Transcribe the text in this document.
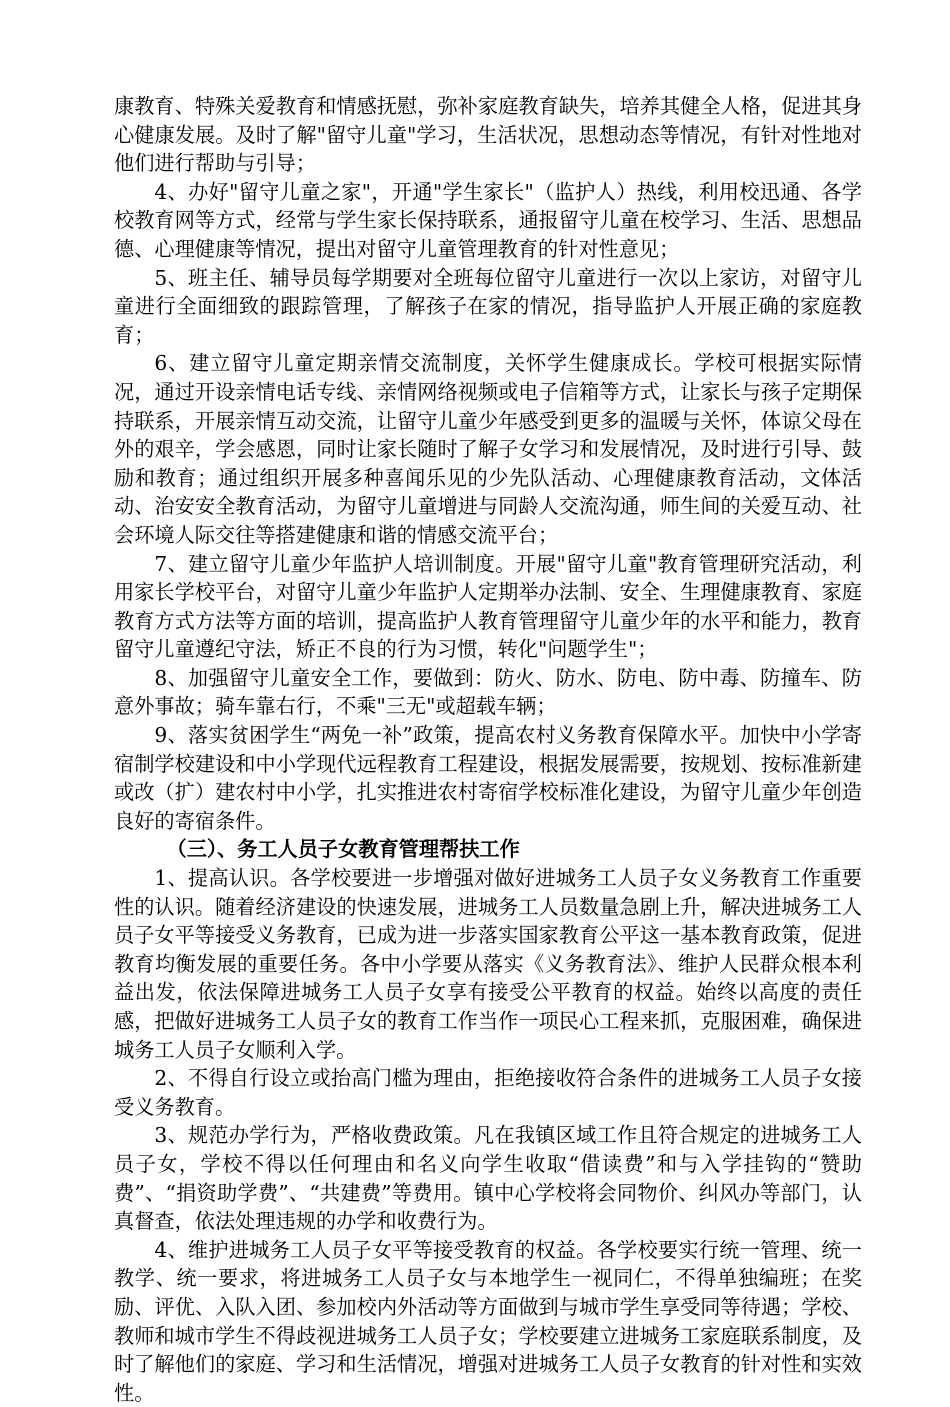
康教育、特殊关爱教育和情感抚慰，弥补家庭教育缺失，培养其健全人格，促进其身心健康发展。及时了解"留守儿童"学习，生活状况，思想动态等情况，有针对性地对他们进行帮助与引导；

4、办好"留守儿童之家"，开通"学生家长"（监护人）热线，利用校迅通、各学校教育网等方式，经常与学生家长保持联系，通报留守儿童在校学习、生活、思想品德、心理健康等情况，提出对留守儿童管理教育的针对性意见；

5、班主任、辅导员每学期要对全班每位留守儿童进行一次以上家访，对留守儿童进行全面细致的跟踪管理，了解孩子在家的情况，指导监护人开展正确的家庭教育；

6、建立留守儿童定期亲情交流制度，关怀学生健康成长。学校可根据实际情况，通过开设亲情电话专线、亲情网络视频或电子信箱等方式，让家长与孩子定期保持联系，开展亲情互动交流，让留守儿童少年感受到更多的温暖与关怀，体谅父母在外的艰辛，学会感恩，同时让家长随时了解子女学习和发展情况，及时进行引导、鼓励和教育；通过组织开展多种喜闻乐见的少先队活动、心理健康教育活动，文体活动、治安安全教育活动，为留守儿童增进与同龄人交流沟通，师生间的关爱互动、社会环境人际交往等搭建健康和谐的情感交流平台；

7、建立留守儿童少年监护人培训制度。开展"留守儿童"教育管理研究活动，利用家长学校平台，对留守儿童少年监护人定期举办法制、安全、生理健康教育、家庭教育方式方法等方面的培训，提高监护人教育管理留守儿童少年的水平和能力，教育留守儿童遵纪守法，矫正不良的行为习惯，转化"问题学生"；

8、加强留守儿童安全工作，要做到：防火、防水、防电、防中毒、防撞车、防意外事故；骑车靠右行，不乘"三无"或超载车辆；

9、落实贫困学生“两免一补”政策，提高农村义务教育保障水平。加快中小学寄宿制学校建设和中小学现代远程教育工程建设，根据发展需要，按规划、按标准新建或改（扩）建农村中小学，扎实推进农村寄宿学校标准化建设，为留守儿童少年创造良好的寄宿条件。

（三）、务工人员子女教育管理帮扶工作

1、提高认识。各学校要进一步增强对做好进城务工人员子女义务教育工作重要性的认识。随着经济建设的快速发展，进城务工人员数量急剧上升，解决进城务工人员子女平等接受义务教育，已成为进一步落实国家教育公平这一基本教育政策，促进教育均衡发展的重要任务。各中小学要从落实《义务教育法》、维护人民群众根本利益出发，依法保障进城务工人员子女享有接受公平教育的权益。始终以高度的责任感，把做好进城务工人员子女的教育工作当作一项民心工程来抓，克服困难，确保进城务工人员子女顺利入学。

2、不得自行设立或抬高门槛为理由，拒绝接收符合条件的进城务工人员子女接受义务教育。

3、规范办学行为，严格收费政策。凡在我镇区域工作且符合规定的进城务工人员子女，学校不得以任何理由和名义向学生收取“借读费”和与入学挂钩的“赞助费”、“捐资助学费”、“共建费”等费用。镇中心学校将会同物价、纠风办等部门，认真督查，依法处理违规的办学和收费行为。

4、维护进城务工人员子女平等接受教育的权益。各学校要实行统一管理、统一教学、统一要求，将进城务工人员子女与本地学生一视同仁，不得单独编班；在奖励、评优、入队入团、参加校内外活动等方面做到与城市学生享受同等待遇；学校、教师和城市学生不得歧视进城务工人员子女；学校要建立进城务工家庭联系制度，及时了解他们的家庭、学习和生活情况，增强对进城务工人员子女教育的针对性和实效性。
